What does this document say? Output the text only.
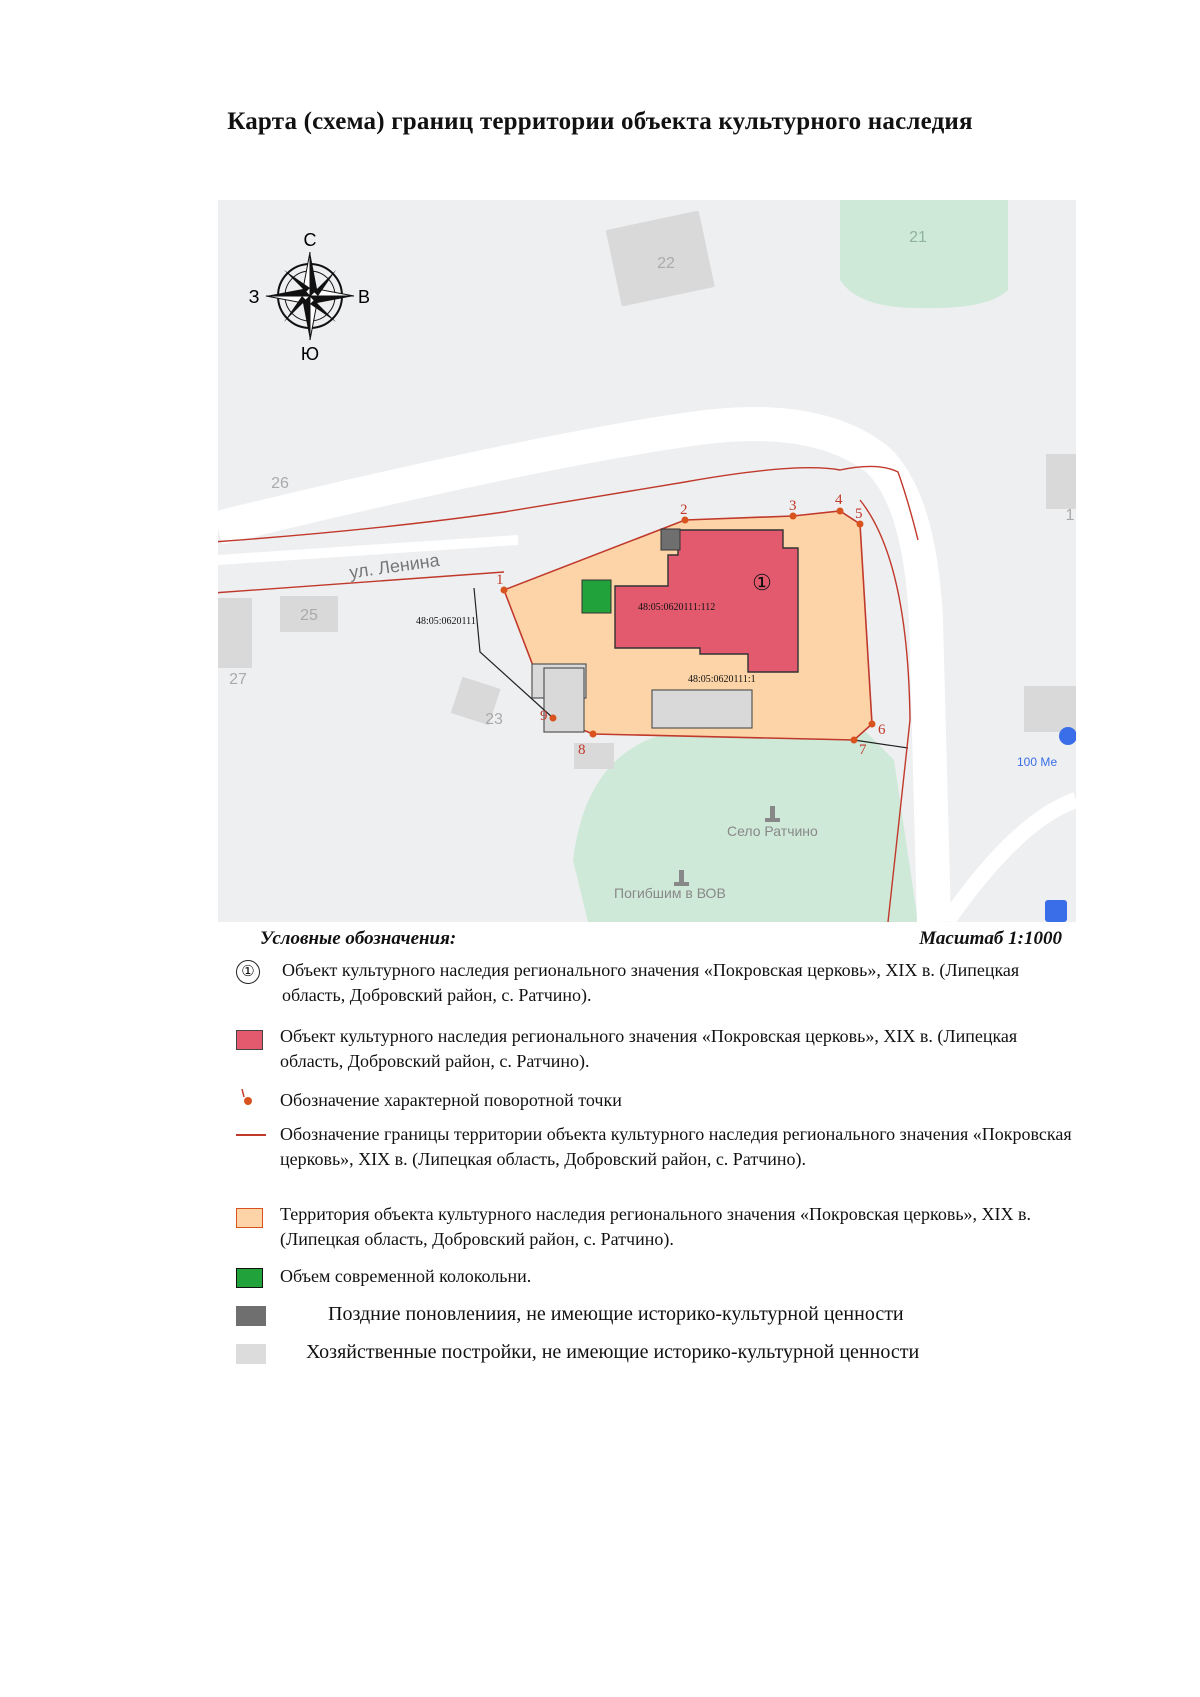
Карта (схема) границ территории объекта культурного наследия
С
Ю
З	В
22
21
26
25
27
23
1
ул. Ленина
48:05:0620111
48:05:0620111:112
48:05:0620111:1
①
1
2	3	4
5
6
7
8
9
Село Ратчино
Погибшим в ВОВ
100 Ме
Условные обозначения:	Масштаб 1:1000
① Объект культурного наследия регионального значения «Покровская церковь», XIX в. (Липецкая область, Добровский район, с. Ратчино).
Объект культурного наследия регионального значения «Покровская церковь», XIX в. (Липецкая область, Добровский район, с. Ратчино).
Обозначение характерной поворотной точки
Обозначение границы территории объекта культурного наследия регионального значения «Покровская церковь», XIX в. (Липецкая область, Добровский район, с. Ратчино).
Территория объекта культурного наследия регионального значения «Покровская церковь», XIX в. (Липецкая область, Добровский район, с. Ратчино).
Объем современной колокольни.
Поздние поновлениия, не имеющие историко-культурной ценности
Хозяйственные постройки, не имеющие историко-культурной ценности
